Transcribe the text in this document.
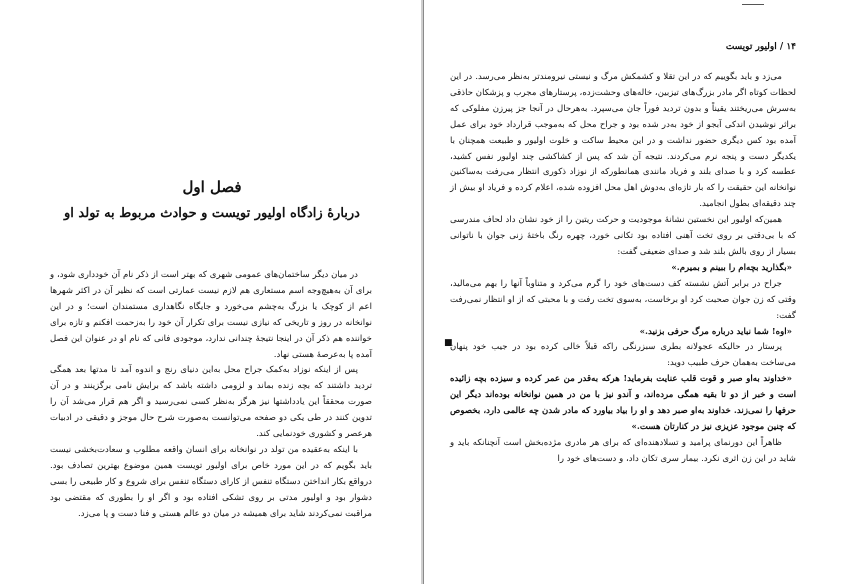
فصل اول
دربارهٔ زادگاه اولیور تویست و حوادث مربوط به تولد او

در میان دیگر ساختمان‌های عمومی شهری که بهتر است از ذکر نام آن خودداری شود، و برای آن به‌هیچ‌وجه اسم مستعاری هم لازم نیست عمارتی است که نظیر آن در اکثر شهرها اعم از کوچک یا بزرگ به‌چشم می‌خورد و جایگاه نگاهداری مستمندان است؛ و در این نوانخانه در روز و تاریخی که نیازی نیست برای تکرار آن خود را به‌زحمت افکنم و تازه برای خواننده هم ذکر آن در اینجا نتیجهٔ چندانی ندارد، موجودی فانی که نام او در عنوان این فصل آمده پا به‌عرصهٔ هستی نهاد.

پس از اینکه نوزاد به‌کمک جراح محل به‌این دنیای رنج و اندوه آمد تا مدتها بعد همگی تردید داشتند که بچه زنده بماند و لزومی داشته باشد که برایش نامی برگزینند و در آن صورت محققاً این یادداشتها نیز هرگز به‌نظر کسی نمی‌رسید و اگر هم قرار می‌شد آن را تدوین کنند در طی یکی دو صفحه می‌توانست به‌صورت شرح حال موجز و دقیقی در ادبیات هرعصر و کشوری خودنمایی کند.

با اینکه به‌عقیده من تولد در نوانخانه برای انسان واقعه مطلوب و سعادت‌بخشی نیست باید بگویم که در این مورد خاص برای اولیور تویست همین موضوع بهترین تصادف بود. درواقع بکار انداختن دستگاه تنفس از کارای دستگاه تنفس برای شروع و کار طبیعی را بسی دشوار بود و اولیور مدتی بر روی تشکی افتاده بود و اگر او را بطوری که مقتضی بود مراقبت نمی‌کردند شاید برای همیشه در میان دو عالم هستی و فنا دست و پا می‌زد.

۱۴ / اولیور تویست

می‌زد و باید بگوییم که در این تقلا و کشمکش مرگ و نیستی نیرومندتر به‌نظر می‌رسد. در این لحظات کوتاه اگر مادر بزرگ‌های تیزبین، خاله‌های وحشت‌زده، پرستارهای مجرب و پزشکان حاذقی به‌سرش می‌ریختند یقیناً و بدون تردید فوراً جان می‌سپرد. به‌هرحال در آنجا جز پیرزن مفلوکی که براثر نوشیدن اندکی آبجو از خود به‌در شده بود و جراح محل که به‌موجب قرارداد خود برای عمل آمده بود کس دیگری حضور نداشت و در این محیط ساکت و خلوت اولیور و طبیعت همچنان با یکدیگر دست و پنجه نرم می‌کردند. نتیجه آن شد که پس از کشاکشی چند اولیور نفس کشید، عطسه کرد و با صدای بلند و فریاد مانندی همانطورکه از نوزاد ذکوری انتظار می‌رفت به‌ساکنین نوانخانه این حقیقت را که بار تازه‌ای به‌دوش اهل محل افزوده شده، اعلام کرده و فریاد او بیش از چند دقیقه‌ای بطول انجامید.

همین‌که اولیور این نخستین نشانهٔ موجودیت و حرکت ریتین را از خود نشان داد لحاف مندرسی که با بی‌دقتی بر روی تخت آهنی افتاده بود تکانی خورد، چهره رنگ باختهٔ زنی جوان با ناتوانی بسیار از روی بالش بلند شد و صدای ضعیفی گفت:

«بگذارید بچه‌ام را ببینم و بمیرم.»

جراح در برابر آتش نشسته کف دست‌های خود را گرم می‌کرد و متناوباً آنها را بهم می‌مالید، وقتی که زن جوان صحبت کرد او برخاست، به‌سوی تخت رفت و با محبتی که از او انتظار نمی‌رفت گفت:

«اوه! شما نباید درباره مرگ حرفی بزنید.»

پرستار در حالیکه عجولانه بطری سبزرنگی راکه قبلاً خالی کرده بود در جیب خود پنهان می‌ساخت به‌همان حرف طبیب دوید:

«خداوند به‌او صبر و قوت قلب عنایت بفرماید! هرکه به‌قدر من عمر کرده و سیزده بچه زائیده است و خبر از دو تا بقیه همگی مرده‌اند، و آندو نیز با من در همین نوانخانه بوده‌اند دیگر این حرفها را نمی‌زند. خداوند به‌او صبر دهد و او را بیاد بیاورد که مادر شدن چه عالمی دارد، بخصوص که چنین موجود عزیزی نیز در کنارتان هست.»

ظاهراً این دورنمای پرامید و تسلادهنده‌ای که برای هر مادری مژده‌بخش است آنچنانکه باید و شاید در این زن اثری نکرد. بیمار سری تکان داد، و دست‌های خود را

■
